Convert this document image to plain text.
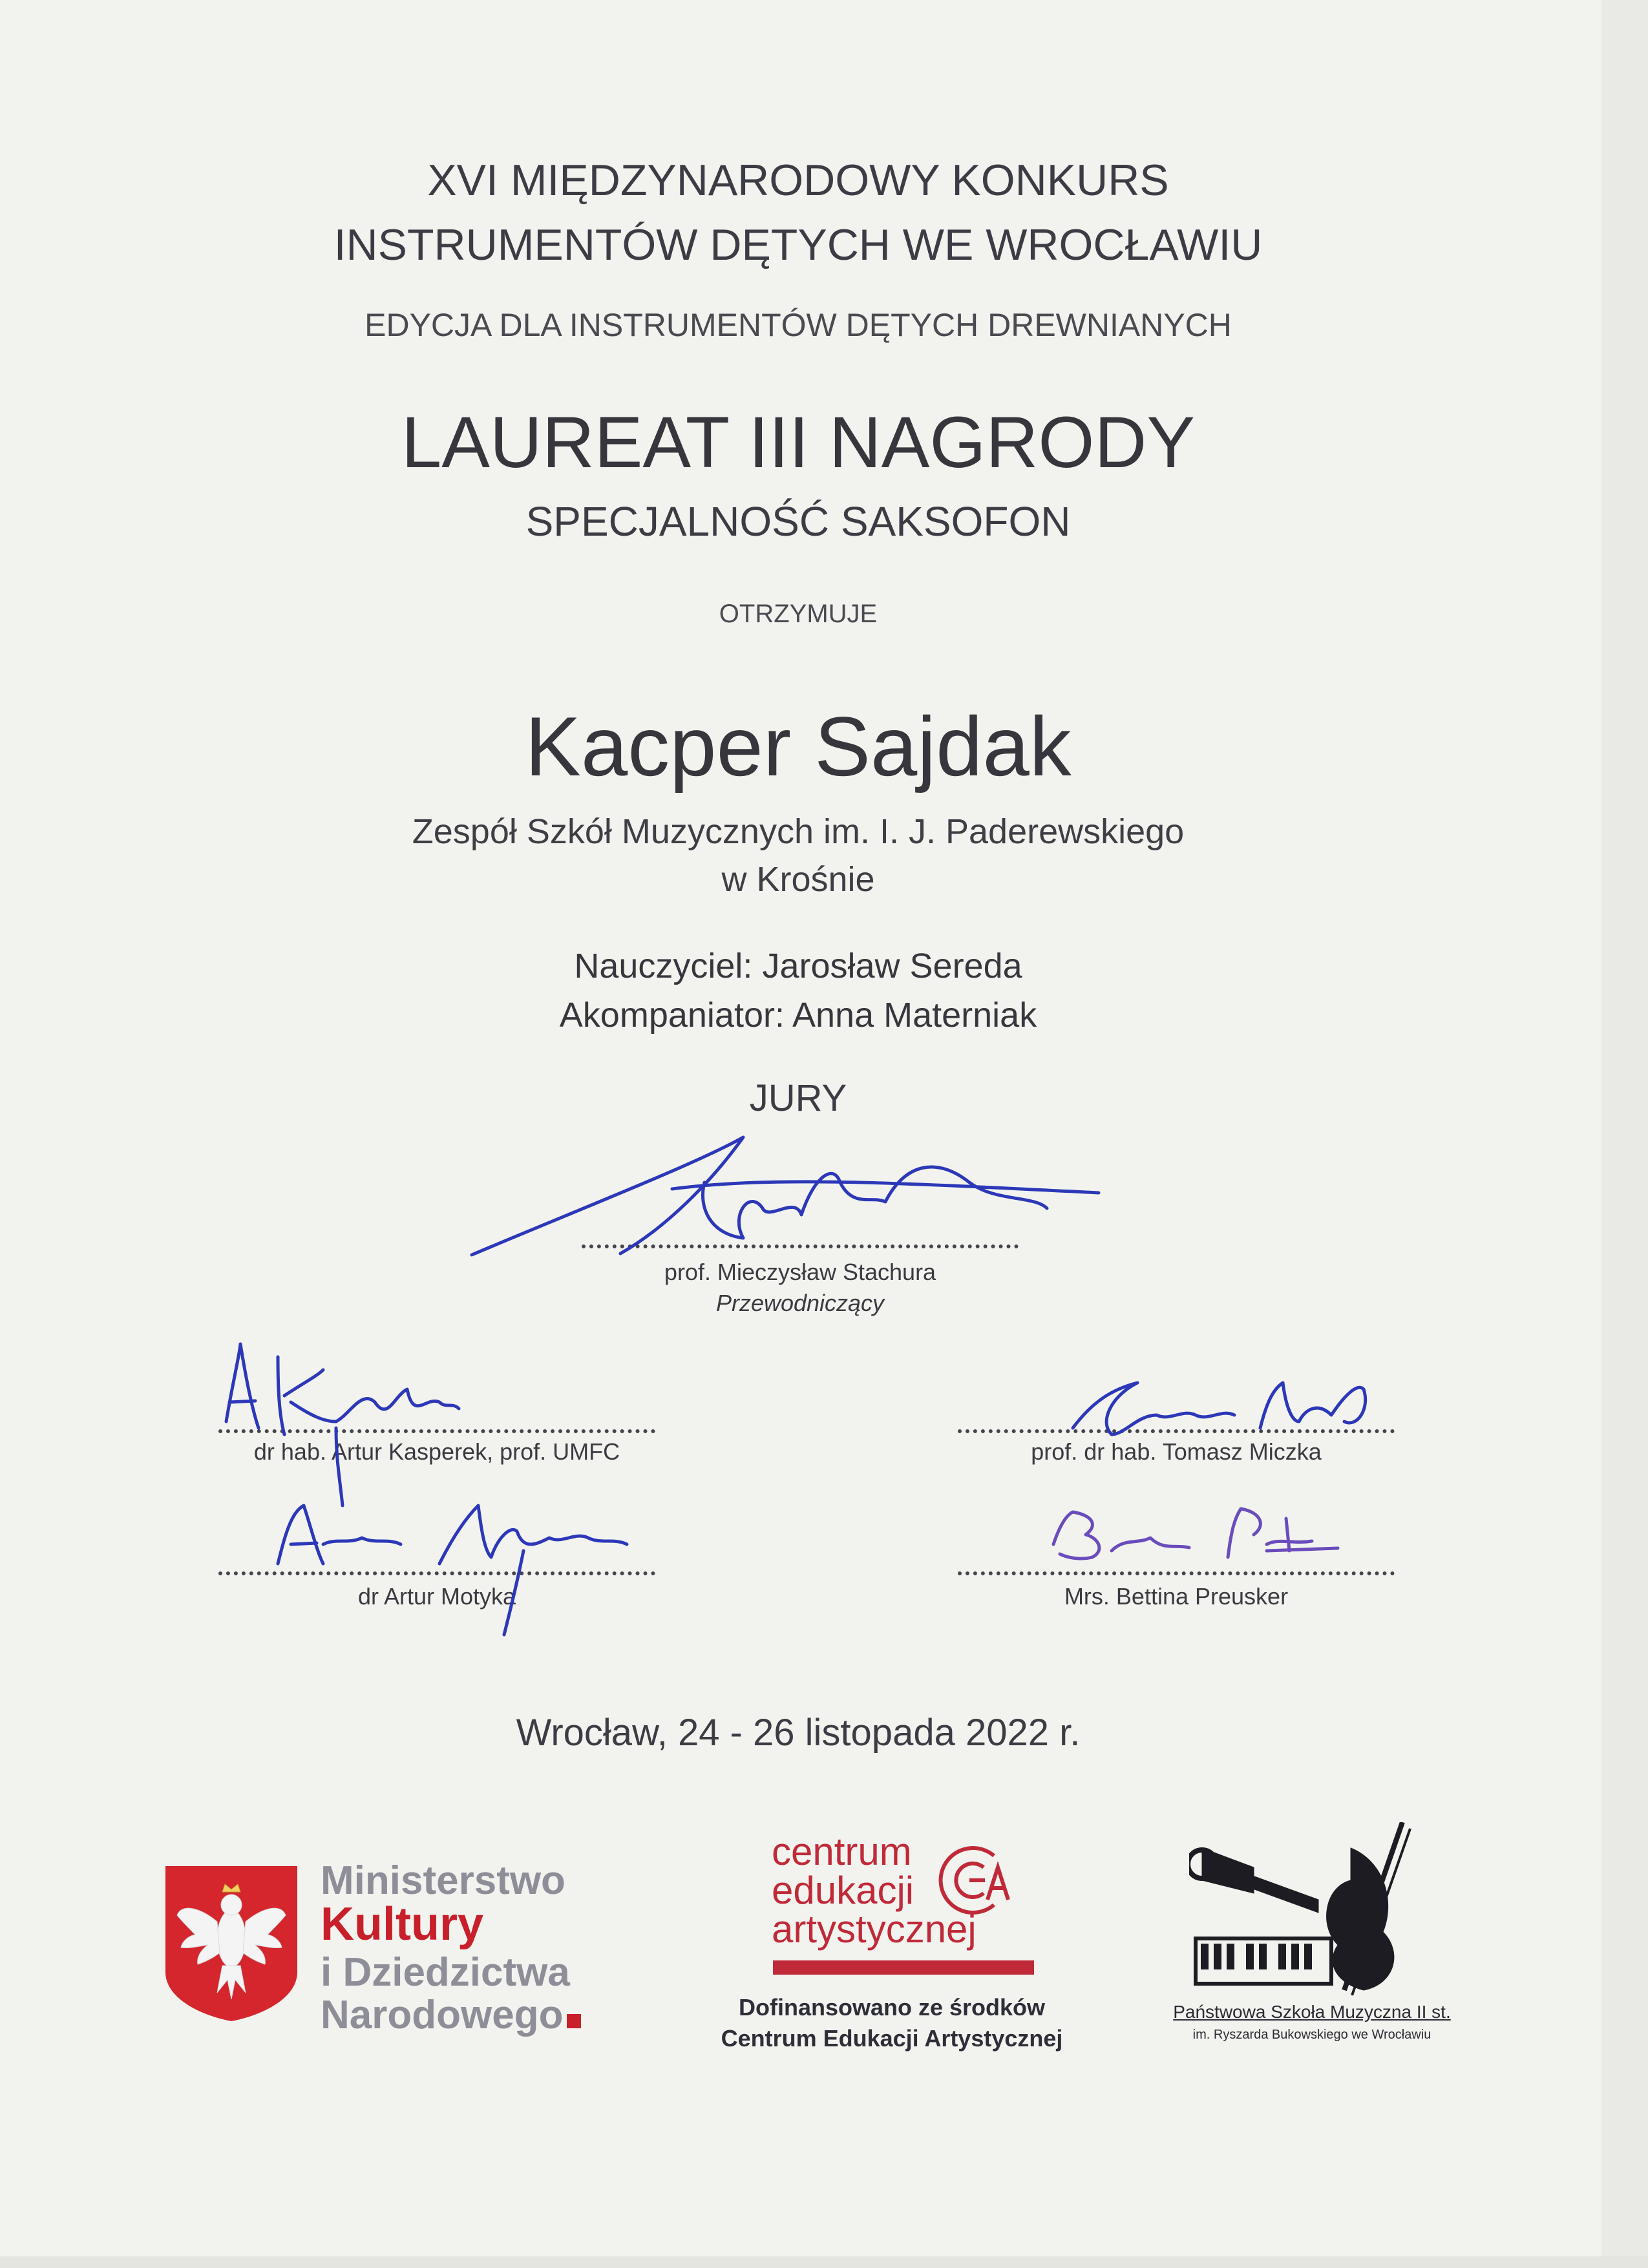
XVI MIĘDZYNARODOWY KONKURS
INSTRUMENTÓW DĘTYCH WE WROCŁAWIU
EDYCJA DLA INSTRUMENTÓW DĘTYCH DREWNIANYCH
LAUREAT III NAGRODY
SPECJALNOŚĆ SAKSOFON
OTRZYMUJE
Kacper Sajdak
Zespół Szkół Muzycznych im. I. J. Paderewskiego
w Krośnie
Nauczyciel: Jarosław Sereda
Akompaniator: Anna Materniak
JURY
prof. Mieczysław Stachura
Przewodniczący
dr hab. Artur Kasperek, prof. UMFC	prof. dr hab. Tomasz Miczka
dr Artur Motyka	Mrs. Bettina Preusker
Wrocław, 24 - 26 listopada 2022 r.
Ministerstwo
Kultury
i Dziedzictwa
Narodowego
centrum
edukacji
artystycznej
Dofinansowano ze środków
Centrum Edukacji Artystycznej
Państwowa Szkoła Muzyczna II st.
im. Ryszarda Bukowskiego we Wrocławiu
